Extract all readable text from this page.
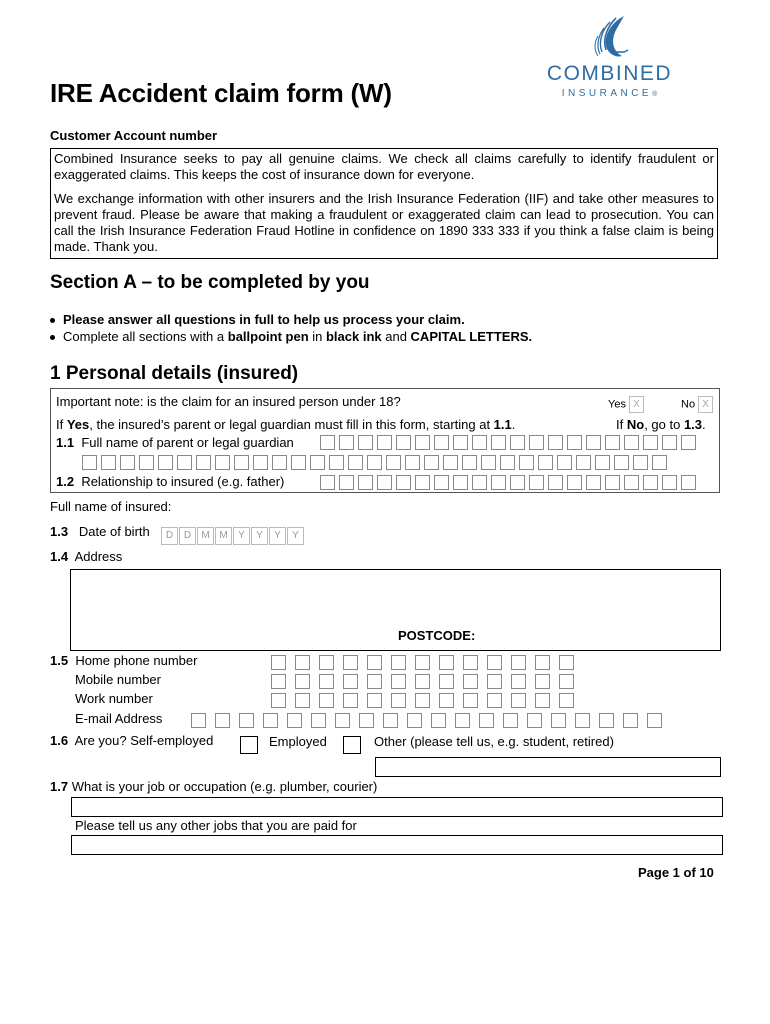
IRE Accident claim form (W)
COMBINED
INSURANCE®
Customer Account number

Combined Insurance seeks to pay all genuine claims. We check all claims carefully to identify fraudulent or exaggerated claims. This keeps the cost of insurance down for everyone.

We exchange information with other insurers and the Irish Insurance Federation (IIF) and take other measures to prevent fraud. Please be aware that making a fraudulent or exaggerated claim can lead to prosecution. You can call the Irish Insurance Federation Fraud Hotline in confidence on 1890 333 333 if you think a false claim is being made. Thank you.

Section A – to be completed by you
Please answer all questions in full to help us process your claim.
Complete all sections with a ballpoint pen in black ink and CAPITAL LETTERS.
1 Personal details (insured)
Important note: is the claim for an insured person under 18?	Yes X	No X
If Yes, the insured’s parent or legal guardian must fill in this form, starting at 1.1.	If No, go to 1.3.
1.1 Full name of parent or legal guardian
1.2 Relationship to insured (e.g. father)
Full name of insured:
1.3 Date of birth	D	D	M M	Y	Y	Y	Y
1.4 Address
POSTCODE:
1.5 Home phone number
Mobile number
Work number
E-mail Address
1.6 Are you? Self-employed	Employed	Other (please tell us, e.g. student, retired)
1.7 What is your job or occupation (e.g. plumber, courier)
Please tell us any other jobs that you are paid for
Page 1 of 10
